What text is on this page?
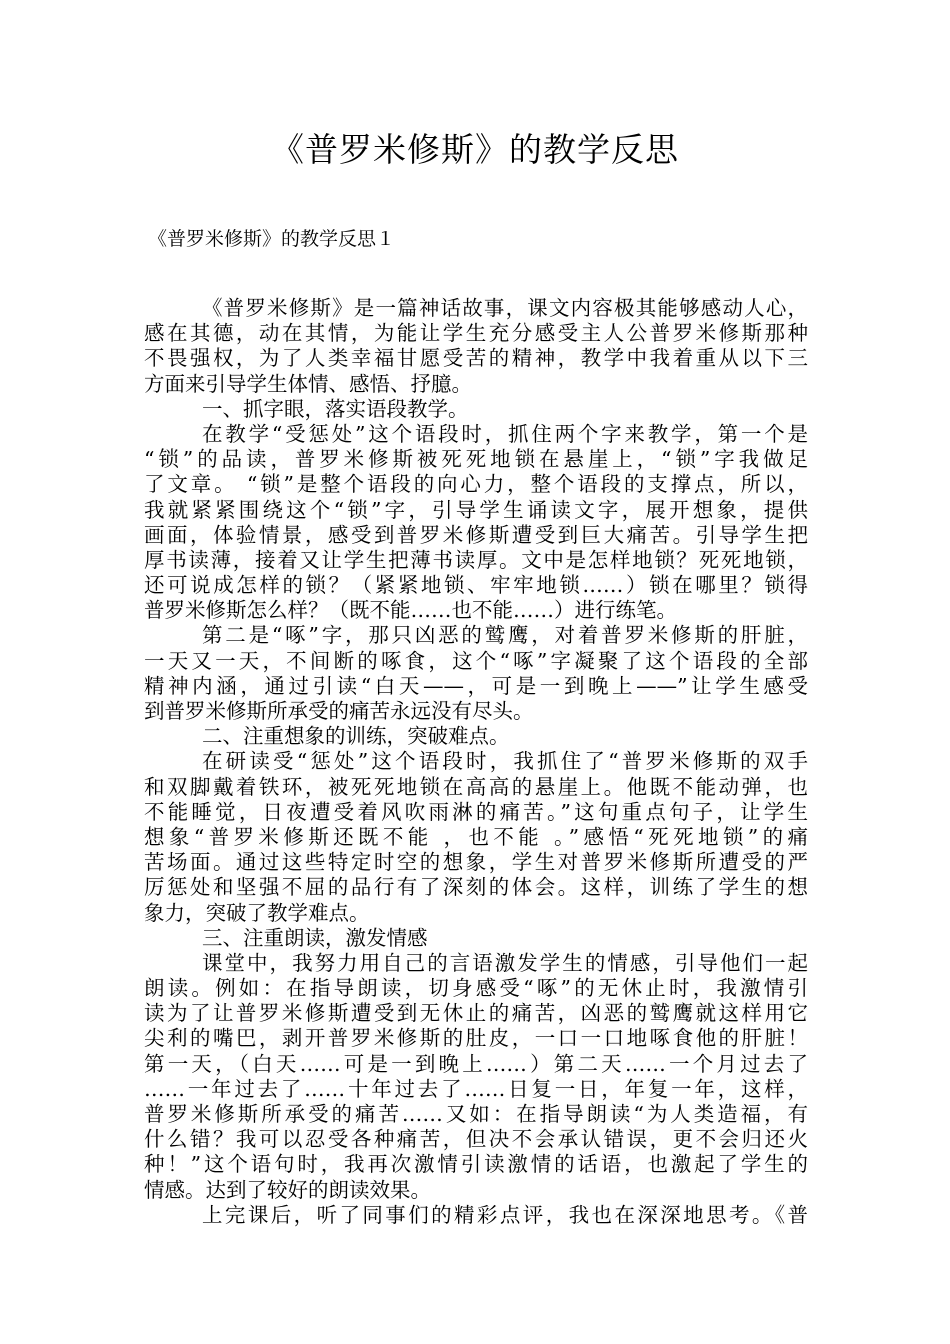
《普罗米修斯》的教学反思
《普罗米修斯》的教学反思１
《普罗米修斯》是一篇神话故事，课文内容极其能够感动人心，
感在其德，动在其情，为能让学生充分感受主人公普罗米修斯那种
不畏强权，为了人类幸福甘愿受苦的精神，教学中我着重从以下三
方面来引导学生体情、感悟、抒臆。
一、抓字眼，落实语段教学。
在教学“受惩处”这个语段时，抓住两个字来教学，第一个是
“锁”的品读，普罗米修斯被死死地锁在悬崖上，“锁”字我做足
了文章。 “锁”是整个语段的向心力，整个语段的支撑点，所以，
我就紧紧围绕这个“锁”字，引导学生诵读文字，展开想象，提供
画面，体验情景，感受到普罗米修斯遭受到巨大痛苦。引导学生把
厚书读薄，接着又让学生把薄书读厚。文中是怎样地锁？死死地锁，
还可说成怎样的锁？（紧紧地锁、牢牢地锁……）锁在哪里？锁得
普罗米修斯怎么样？（既不能……也不能……）进行练笔。
第二是“啄”字，那只凶恶的鹫鹰，对着普罗米修斯的肝脏，
一天又一天，不间断的啄食，这个“啄”字凝聚了这个语段的全部
精神内涵，通过引读“白天——，可是一到晚上——”让学生感受
到普罗米修斯所承受的痛苦永远没有尽头。
二、注重想象的训练，突破难点。
在研读受“惩处”这个语段时，我抓住了“普罗米修斯的双手
和双脚戴着铁环，被死死地锁在高高的悬崖上。他既不能动弹，也
不能睡觉，日夜遭受着风吹雨淋的痛苦。”这句重点句子，让学生
想象“普罗米修斯还既不能 ，也不能 。”感悟“死死地锁”的痛
苦场面。通过这些特定时空的想象，学生对普罗米修斯所遭受的严
厉惩处和坚强不屈的品行有了深刻的体会。这样，训练了学生的想
象力，突破了教学难点。
三、注重朗读，激发情感
课堂中，我努力用自己的言语激发学生的情感，引导他们一起
朗读。例如：在指导朗读，切身感受“啄”的无休止时，我激情引
读为了让普罗米修斯遭受到无休止的痛苦，凶恶的鹫鹰就这样用它
尖利的嘴巴，剥开普罗米修斯的肚皮，一口一口地啄食他的肝脏！
第一天，（白天……可是一到晚上……）第二天……一个月过去了
……一年过去了……十年过去了……日复一日，年复一年，这样，
普罗米修斯所承受的痛苦……又如：在指导朗读“为人类造福，有
什么错？我可以忍受各种痛苦，但决不会承认错误，更不会归还火
种！”这个语句时，我再次激情引读激情的话语，也激起了学生的
情感。达到了较好的朗读效果。
上完课后，听了同事们的精彩点评，我也在深深地思考。《普
